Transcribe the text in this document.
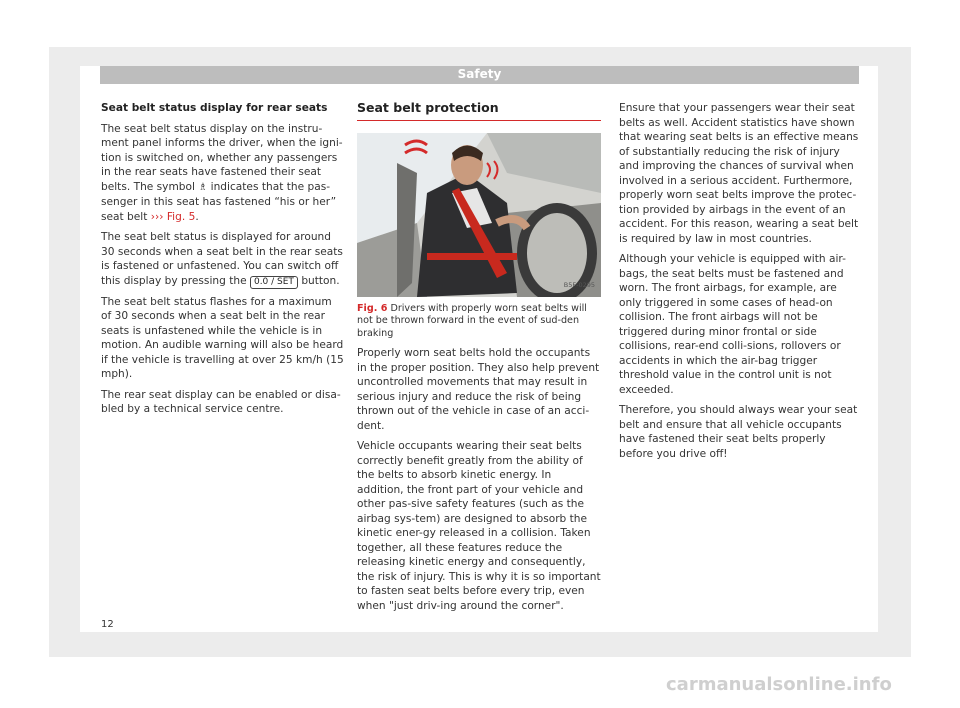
Safety

Seat belt status display for rear seats

The seat belt status display on the instru-ment panel informs the driver, when the igni-tion is switched on, whether any passengers in the rear seats have fastened their seat belts. The symbol ♗ indicates that the pas-senger in this seat has fastened “his or her” seat belt ››› Fig. 5.

The seat belt status is displayed for around 30 seconds when a seat belt in the rear seats is fastened or unfastened. You can switch off this display by pressing the 0.0 / SET button.

The seat belt status flashes for a maximum of 30 seconds when a seat belt in the rear seats is unfastened while the vehicle is in motion. An audible warning will also be heard if the vehicle is travelling at over 25 km/h (15 mph).

The rear seat display can be enabled or disa-bled by a technical service centre.

Seat belt protection
B5F-0295

Fig. 6 Drivers with properly worn seat belts will not be thrown forward in the event of sud-den braking

Properly worn seat belts hold the occupants in the proper position. They also help prevent uncontrolled movements that may result in serious injury and reduce the risk of being thrown out of the vehicle in case of an acci-dent.

Vehicle occupants wearing their seat belts correctly benefit greatly from the ability of the belts to absorb kinetic energy. In addition, the front part of your vehicle and other pas-sive safety features (such as the airbag sys-tem) are designed to absorb the kinetic ener-gy released in a collision. Taken together, all these features reduce the releasing kinetic energy and consequently, the risk of injury. This is why it is so important to fasten seat belts before every trip, even when "just driv-ing around the corner".

Ensure that your passengers wear their seat belts as well. Accident statistics have shown that wearing seat belts is an effective means of substantially reducing the risk of injury and improving the chances of survival when involved in a serious accident. Furthermore, properly worn seat belts improve the protec-tion provided by airbags in the event of an accident. For this reason, wearing a seat belt is required by law in most countries.

Although your vehicle is equipped with air-bags, the seat belts must be fastened and worn. The front airbags, for example, are only triggered in some cases of head-on collision. The front airbags will not be triggered during minor frontal or side collisions, rear-end colli-sions, rollovers or accidents in which the air-bag trigger threshold value in the control unit is not exceeded.

Therefore, you should always wear your seat belt and ensure that all vehicle occupants have fastened their seat belts properly before you drive off!

12
carmanualsonline.info
